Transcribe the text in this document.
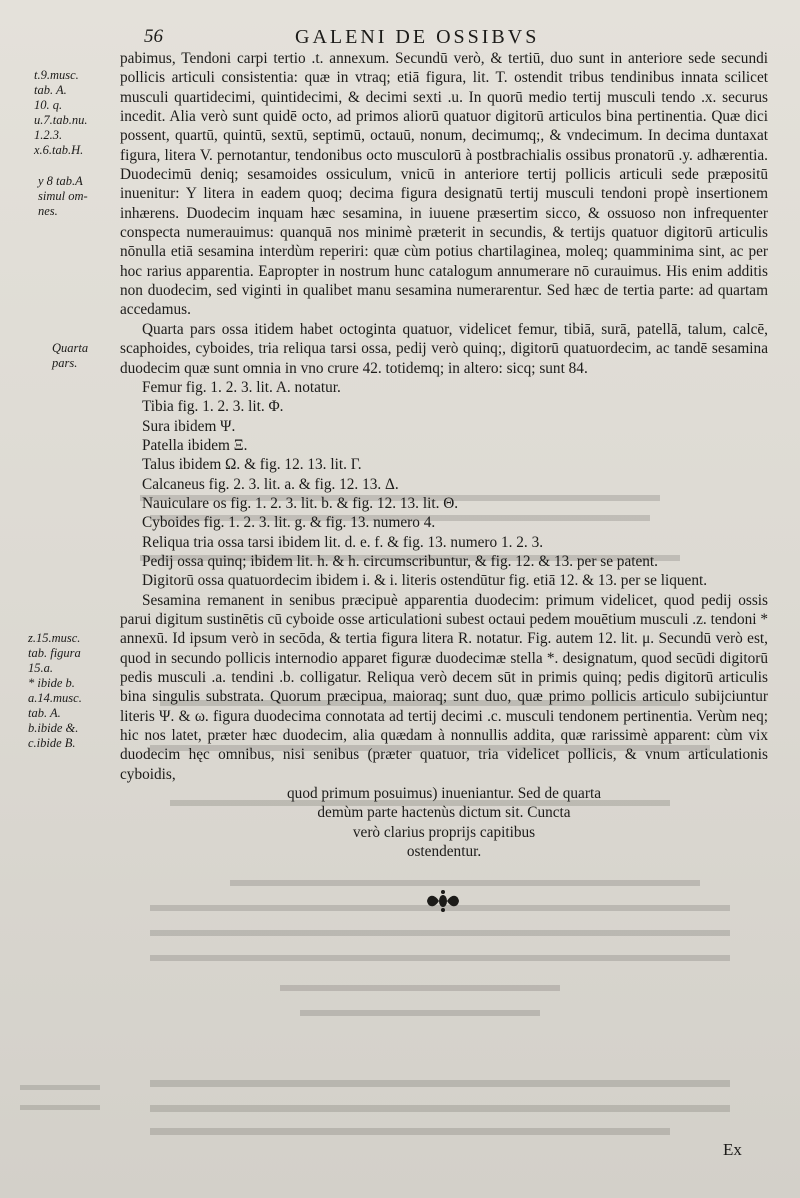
56	GALENI DE OSSIBVS
t.9.musc.
tab. A.
10. q.
u.7.tab.nu.
1.2.3.
x.6.tab.H.
y 8 tab.A
simul om-
nes.
Quarta
pars.
z.15.musc.
tab. figura
15.a.
* ibide b.
a.14.musc.
tab. A.
b.ibide &.
c.ibide B.

pabimus, Tendoni carpi tertio .t. annexum. Secundū verò, & tertiū, duo sunt in anteriore sede secundi pollicis articuli consistentia: quæ in vtraq; etiā figura, lit. T. ostendit tribus tendinibus innata scilicet musculi quartidecimi, quintidecimi, & decimi sexti .u. In quorū medio tertij musculi tendo .x. securus incedit. Alia verò sunt quidē octo, ad primos aliorū quatuor digitorū articulos bina pertinentia. Quæ dici possent, quartū, quintū, sextū, septimū, octauū, nonum, decimumq;, & vndecimum. In decima duntaxat figura, litera V. pernotantur, tendonibus octo musculorū à postbrachialis ossibus pronatorū .y. adhærentia. Duodecimū deniq; sesamoides ossiculum, vnicū in anteriore tertij pollicis articuli sede præpositū inuenitur: Y litera in eadem quoq; decima figura designatū tertij musculi tendoni propè insertionem inhærens. Duodecim inquam hæc sesamina, in iuuene præsertim sicco, & ossuoso non infrequenter conspecta numerauimus: quanquā nos minimè præterit in secundis, & tertijs quatuor digitorū articulis nōnulla etiā sesamina interdùm reperiri: quæ cùm potius chartilaginea, moleq; quamminima sint, ac per hoc rarius apparentia. Eapropter in nostrum hunc catalogum annumerare nō curauimus. His enim additis non duodecim, sed viginti in qualibet manu sesamina numerarentur. Sed hæc de tertia parte: ad quartam accedamus.

Quarta pars ossa itidem habet octoginta quatuor, videlicet femur, tibiā, surā, patellā, talum, calcē, scaphoides, cyboides, tria reliqua tarsi ossa, pedij verò quinq;, digitorū quatuordecim, ac tandē sesamina duodecim quæ sunt omnia in vno crure 42. totidemq; in altero: sicq; sunt 84.

Femur fig. 1. 2. 3. lit. A. notatur.
Tibia fig. 1. 2. 3. lit. Φ.
Sura ibidem Ψ.
Patella ibidem Ξ.
Talus ibidem Ω. & fig. 12. 13. lit. Γ.
Calcaneus fig. 2. 3. lit. a. & fig. 12. 13. Δ.
Nauiculare os fig. 1. 2. 3. lit. b. & fig. 12. 13. lit. Θ.
Cyboides fig. 1. 2. 3. lit. g. & fig. 13. numero 4.
Reliqua tria ossa tarsi ibidem lit. d. e. f. & fig. 13. numero 1. 2. 3.
Pedij ossa quinq; ibidem lit. h. & h. circumscribuntur, & fig. 12. & 13. per se patent.
Digitorū ossa quatuordecim ibidem i. & i. literis ostendūtur fig. etiā 12. & 13. per se liquent.

Sesamina remanent in senibus præcipuè apparentia duodecim: primum videlicet, quod pedij ossis parui digitum sustinētis cū cyboide osse articulationi subest octaui pedem mouētium musculi .z. tendoni * annexū. Id ipsum verò in secōda, & tertia figura litera R. notatur. Fig. autem 12. lit. μ. Secundū verò est, quod in secundo pollicis internodio apparet figuræ duodecimæ stella *. designatum, quod secūdi digitorū pedis musculi .a. tendini .b. colligatur. Reliqua verò decem sūt in primis quinq; pedis digitorū articulis bina singulis substrata. Quorum præcipua, maioraq; sunt duo, quæ primo pollicis articulo subijciuntur literis Ψ. & ω. figura duodecima connotata ad tertij decimi .c. musculi tendonem pertinentia. Verùm neq; hic nos latet, præter hæc duodecim, alia quædam à nonnullis addita, quæ rarissimè apparent: cùm vix duodecim hęc omnibus, nisi senibus (præter quatuor, tria videlicet pollicis, & vnum articulationis cyboidis,

quod primum posuimus) inueniantur. Sed de quarta

demùm parte hactenùs dictum sit. Cuncta

verò clarius proprijs capitibus

ostendentur.

Ex
